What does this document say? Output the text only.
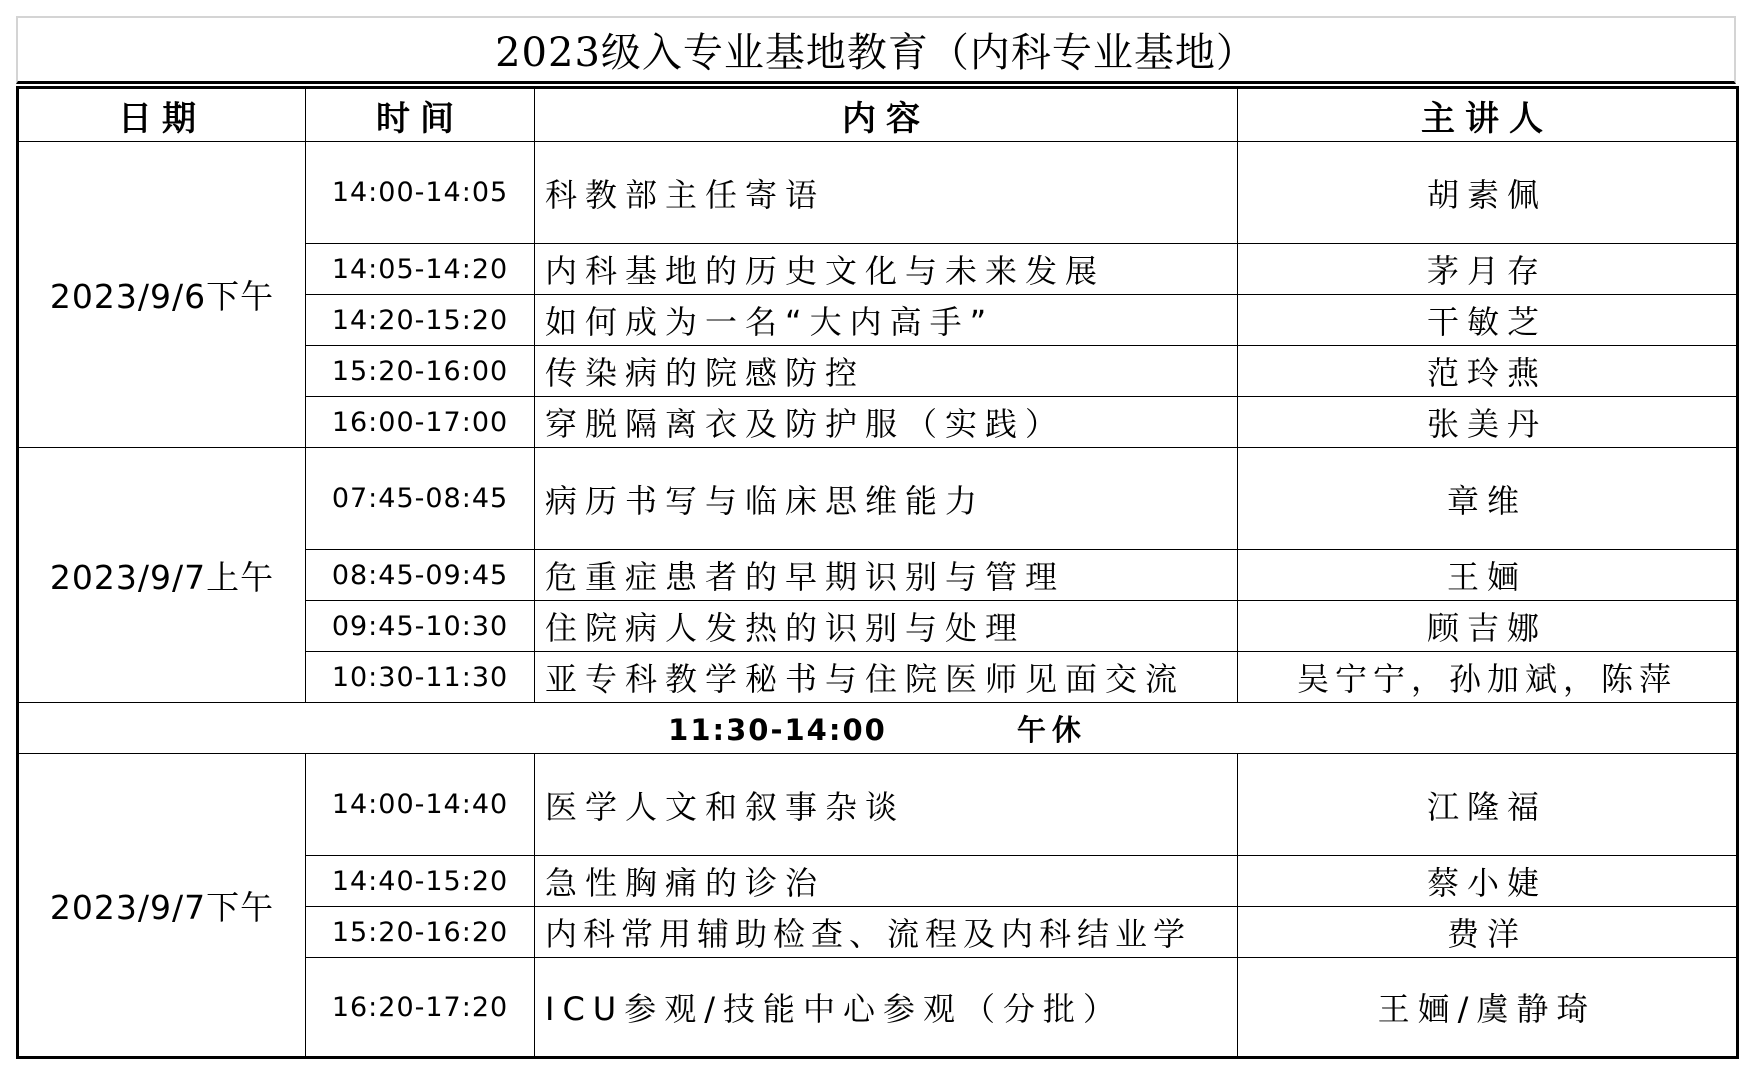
2023级入专业基地教育（内科专业基地）
日期	时间	内容	主讲人
2023/9/6下午	14:00-14:05	科教部主任寄语	胡素佩
	14:05-14:20	内科基地的历史文化与未来发展	茅月存
	14:20-15:20	如何成为一名“大内高手”	干敏芝
	15:20-16:00	传染病的院感防控	范玲燕
	16:00-17:00	穿脱隔离衣及防护服（实践）	张美丹
2023/9/7上午	07:45-08:45	病历书写与临床思维能力	章维
	08:45-09:45	危重症患者的早期识别与管理	王婳
	09:45-10:30	住院病人发热的识别与处理	顾吉娜
	10:30-11:30	亚专科教学秘书与住院医师见面交流	吴宁宁，孙加斌，陈萍
11:30-14:00 午休			
2023/9/7下午	14:00-14:40	医学人文和叙事杂谈	江隆福
	14:40-15:20	急性胸痛的诊治	蔡小婕
	15:20-16:20	内科常用辅助检查、流程及内科结业学	费洋
	16:20-17:20	ICU参观/技能中心参观（分批）	王婳/虞静琦
